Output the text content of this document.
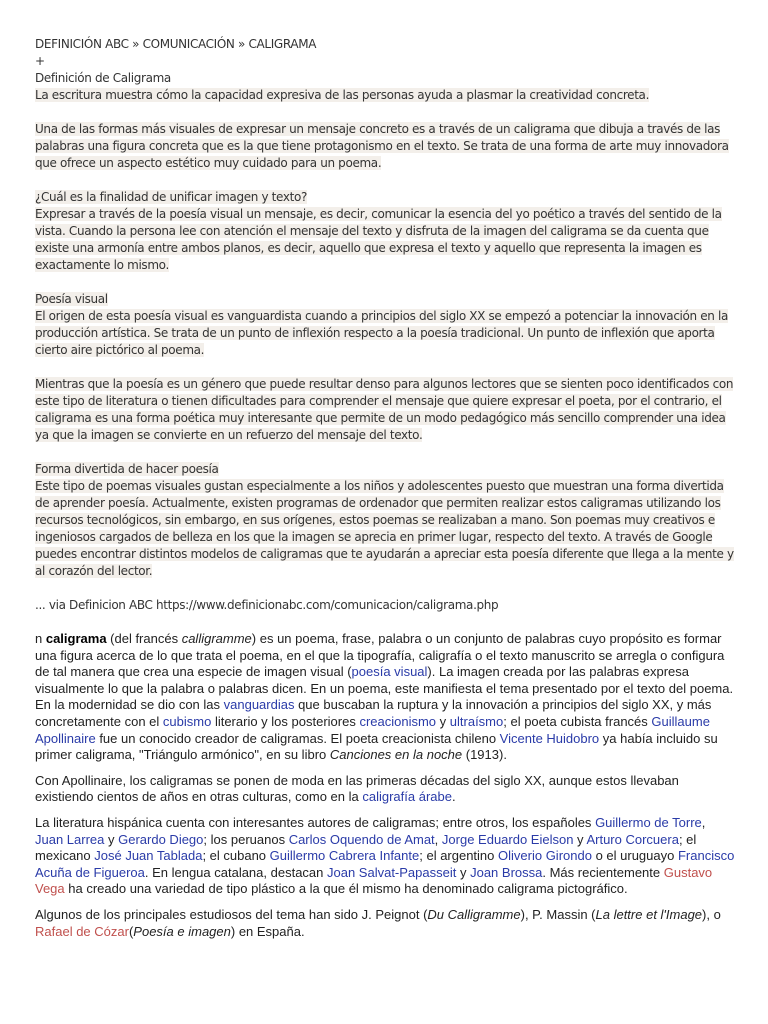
DEFINICIÓN ABC » COMUNICACIÓN » CALIGRAMA
+
Definición de Caligrama
La escritura muestra cómo la capacidad expresiva de las personas ayuda a plasmar la creatividad concreta.

Una de las formas más visuales de expresar un mensaje concreto es a través de un caligrama que dibuja a través de las palabras una figura concreta que es la que tiene protagonismo en el texto. Se trata de una forma de arte muy innovadora que ofrece un aspecto estético muy cuidado para un poema.

¿Cuál es la finalidad de unificar imagen y texto?
Expresar a través de la poesía visual un mensaje, es decir, comunicar la esencia del yo poético a través del sentido de la vista. Cuando la persona lee con atención el mensaje del texto y disfruta de la imagen del caligrama se da cuenta que existe una armonía entre ambos planos, es decir, aquello que expresa el texto y aquello que representa la imagen es exactamente lo mismo.

Poesía visual
El origen de esta poesía visual es vanguardista cuando a principios del siglo XX se empezó a potenciar la innovación en la producción artística. Se trata de un punto de inflexión respecto a la poesía tradicional. Un punto de inflexión que aporta cierto aire pictórico al poema.

Mientras que la poesía es un género que puede resultar denso para algunos lectores que se sienten poco identificados con este tipo de literatura o tienen dificultades para comprender el mensaje que quiere expresar el poeta, por el contrario, el caligrama es una forma poética muy interesante que permite de un modo pedagógico más sencillo comprender una idea ya que la imagen se convierte en un refuerzo del mensaje del texto.

Forma divertida de hacer poesía
Este tipo de poemas visuales gustan especialmente a los niños y adolescentes puesto que muestran una forma divertida de aprender poesía. Actualmente, existen programas de ordenador que permiten realizar estos caligramas utilizando los recursos tecnológicos, sin embargo, en sus orígenes, estos poemas se realizaban a mano. Son poemas muy creativos e ingeniosos cargados de belleza en los que la imagen se aprecia en primer lugar, respecto del texto. A través de Google puedes encontrar distintos modelos de caligramas que te ayudarán a apreciar esta poesía diferente que llega a la mente y al corazón del lector.

... via Definicion ABC https://www.definicionabc.com/comunicacion/caligrama.php

n caligrama (del francés calligramme) es un poema, frase, palabra o un conjunto de palabras cuyo propósito es formar una figura acerca de lo que trata el poema, en el que la tipografía, caligrafía o el texto manuscrito se arregla o configura de tal manera que crea una especie de imagen visual (poesía visual). La imagen creada por las palabras expresa visualmente lo que la palabra o palabras dicen. En un poema, este manifiesta el tema presentado por el texto del poema. En la modernidad se dio con las vanguardias que buscaban la ruptura y la innovación a principios del siglo XX, y más concretamente con el cubismo literario y los posteriores creacionismo y ultraísmo; el poeta cubista francés Guillaume Apollinaire fue un conocido creador de caligramas. El poeta creacionista chileno Vicente Huidobro ya había incluido su primer caligrama, "Triángulo armónico", en su libro Canciones en la noche (1913).

Con Apollinaire, los caligramas se ponen de moda en las primeras décadas del siglo XX, aunque estos llevaban existiendo cientos de años en otras culturas, como en la caligrafía árabe.

La literatura hispánica cuenta con interesantes autores de caligramas; entre otros, los españoles Guillermo de Torre, Juan Larrea y Gerardo Diego; los peruanos Carlos Oquendo de Amat, Jorge Eduardo Eielson y Arturo Corcuera; el mexicano José Juan Tablada; el cubano Guillermo Cabrera Infante; el argentino Oliverio Girondo o el uruguayo Francisco Acuña de Figueroa. En lengua catalana, destacan Joan Salvat-Papasseit y Joan Brossa. Más recientemente Gustavo Vega ha creado una variedad de tipo plástico a la que él mismo ha denominado caligrama pictográfico.

Algunos de los principales estudiosos del tema han sido J. Peignot (Du Calligramme), P. Massin (La lettre et l'Image), o Rafael de Cózar(Poesía e imagen) en España.
